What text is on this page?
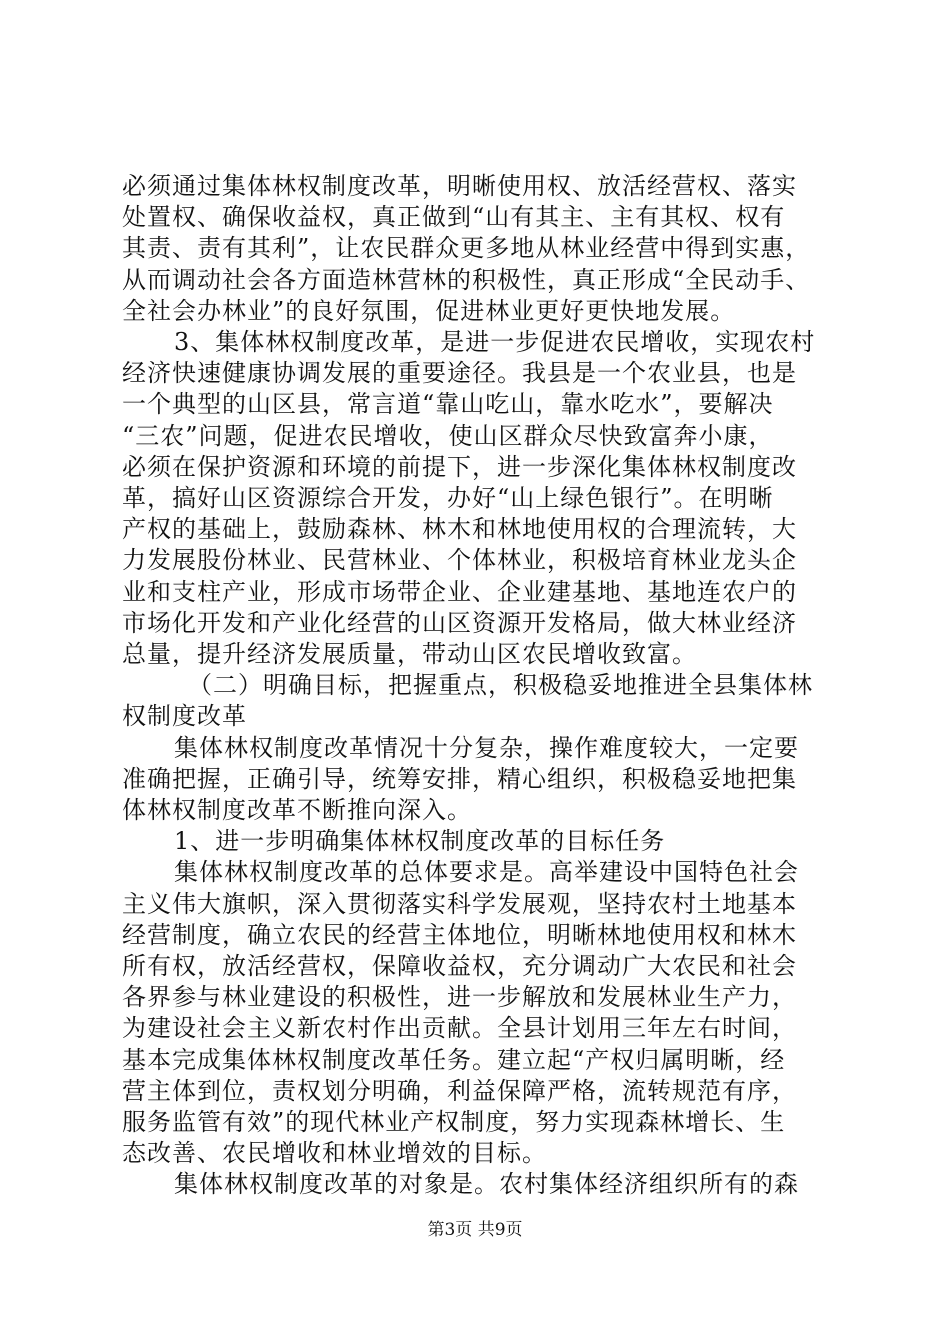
必须通过集体林权制度改革，明晰使用权、放活经营权、落实
处置权、确保收益权，真正做到“山有其主、主有其权、权有
其责、责有其利”，让农民群众更多地从林业经营中得到实惠，
从而调动社会各方面造林营林的积极性，真正形成“全民动手、
全社会办林业”的良好氛围，促进林业更好更快地发展。
3、集体林权制度改革，是进一步促进农民增收，实现农村
经济快速健康协调发展的重要途径。我县是一个农业县，也是
一个典型的山区县，常言道“靠山吃山，靠水吃水”，要解决
“三农”问题，促进农民增收，使山区群众尽快致富奔小康，
必须在保护资源和环境的前提下，进一步深化集体林权制度改
革，搞好山区资源综合开发，办好“山上绿色银行”。在明晰
产权的基础上，鼓励森林、林木和林地使用权的合理流转，大
力发展股份林业、民营林业、个体林业，积极培育林业龙头企
业和支柱产业，形成市场带企业、企业建基地、基地连农户的
市场化开发和产业化经营的山区资源开发格局，做大林业经济
总量，提升经济发展质量，带动山区农民增收致富。
（二）明确目标，把握重点，积极稳妥地推进全县集体林
权制度改革
集体林权制度改革情况十分复杂，操作难度较大，一定要
准确把握，正确引导，统筹安排，精心组织，积极稳妥地把集
体林权制度改革不断推向深入。
1、进一步明确集体林权制度改革的目标任务
集体林权制度改革的总体要求是。高举建设中国特色社会
主义伟大旗帜，深入贯彻落实科学发展观，坚持农村土地基本
经营制度，确立农民的经营主体地位，明晰林地使用权和林木
所有权，放活经营权，保障收益权，充分调动广大农民和社会
各界参与林业建设的积极性，进一步解放和发展林业生产力，
为建设社会主义新农村作出贡献。全县计划用三年左右时间，
基本完成集体林权制度改革任务。建立起“产权归属明晰，经
营主体到位，责权划分明确，利益保障严格，流转规范有序，
服务监管有效”的现代林业产权制度，努力实现森林增长、生
态改善、农民增收和林业增效的目标。
集体林权制度改革的对象是。农村集体经济组织所有的森
第3页 共9页
